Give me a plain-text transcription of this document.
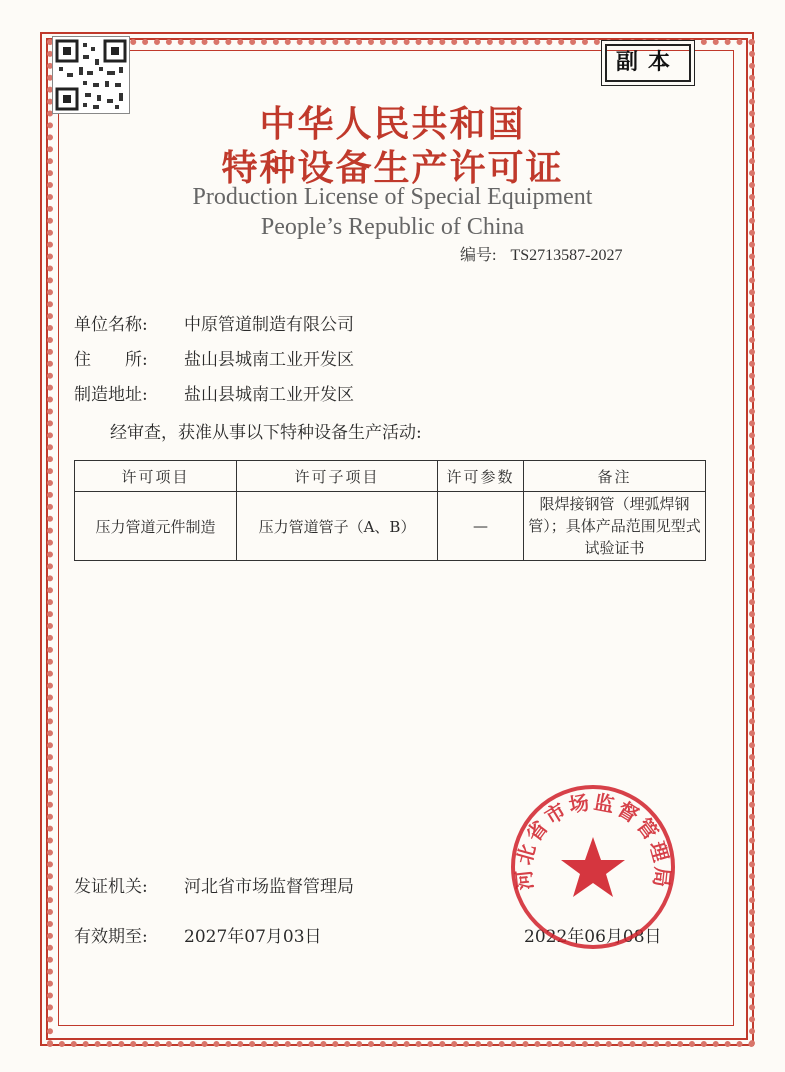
副本
中华人民共和国
特种设备生产许可证
Production License of Special Equipment
People’s Republic of China
编号: TS2713587-2027
单位名称: 中原管道制造有限公司
住　　所: 盐山县城南工业开发区
制造地址: 盐山县城南工业开发区
经审查，获准从事以下特种设备生产活动:
许可项目	许可子项目	许可参数	备注
压力管道元件制造	压力管道管子（A、B）	—	限焊接钢管（埋弧焊钢管）；具体产品范围见型式试验证书
发证机关: 河北省市场监督管理局
有效期至: 2027年07月03日	2022年06月08日
河北省市场监督管理局
